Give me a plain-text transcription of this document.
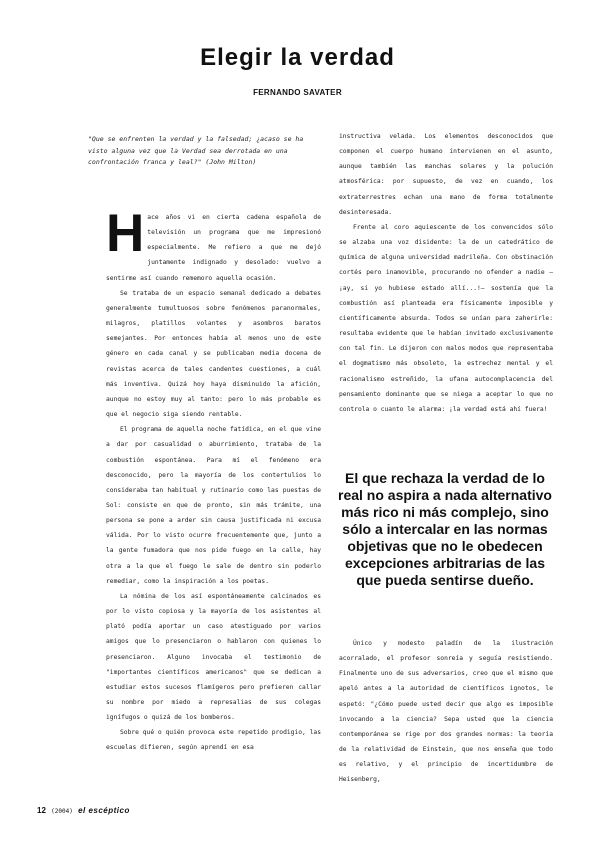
Elegir la verdad
FERNANDO SAVATER

"Que se enfrenten la verdad y la falsedad; ¿acaso se ha visto alguna vez que la Verdad sea derrotada en una confrontación franca y leal?" (John Milton)

Hace años vi en cierta cadena española de televisión un programa que me impresionó especialmente. Me refiero a que me dejó juntamente indignado y desolado: vuelvo a sentirme así cuando rememoro aquella ocasión.

Se trataba de un espacio semanal dedicado a debates generalmente tumultuosos sobre fenómenos paranormales, milagros, platillos volantes y asombros baratos semejantes. Por entonces había al menos uno de este género en cada canal y se publicaban media docena de revistas acerca de tales candentes cuestiones, a cuál más inventiva. Quizá hoy haya disminuido la afición, aunque no estoy muy al tanto: pero lo más probable es que el negocio siga siendo rentable.

El programa de aquella noche fatídica, en el que vine a dar por casualidad o aburrimiento, trataba de la combustión espontánea. Para mí el fenómeno era desconocido, pero la mayoría de los contertulios lo consideraba tan habitual y rutinario como las puestas de Sol: consiste en que de pronto, sin más trámite, una persona se pone a arder sin causa justificada ni excusa válida. Por lo visto ocurre frecuentemente que, junto a la gente fumadora que nos pide fuego en la calle, hay otra a la que el fuego le sale de dentro sin poderlo remediar, como la inspiración a los poetas.

La nómina de los así espontáneamente calcinados es por lo visto copiosa y la mayoría de los asistentes al plató podía aportar un caso atestiguado por varios amigos que lo presenciaron o hablaron con quienes lo presenciaron. Alguno invocaba el testimonio de "importantes científicos americanos" que se dedican a estudiar estos sucesos flamígeros pero prefieren callar su nombre por miedo a represalias de sus colegas ignífugos o quizá de los bomberos.

Sobre qué o quién provoca este repetido prodigio, las escuelas difieren, según aprendí en esa

instructiva velada. Los elementos desconocidos que componen el cuerpo humano intervienen en el asunto, aunque también las manchas solares y la polución atmosférica: por supuesto, de vez en cuando, los extraterrestres echan una mano de forma totalmente desinteresada.

Frente al coro aquiescente de los convencidos sólo se alzaba una voz disidente: la de un catedrático de química de alguna universidad madrileña. Con obstinación cortés pero inamovible, procurando no ofender a nadie —¡ay, si yo hubiese estado allí...!— sostenía que la combustión así planteada era físicamente imposible y científicamente absurda. Todos se unían para zaherirle: resultaba evidente que le habían invitado exclusivamente con tal fin. Le dijeron con malos modos que representaba el dogmatismo más obsoleto, la estrechez mental y el racionalismo estreñido, la ufana autocomplacencia del pensamiento dominante que se niega a aceptar lo que no controla o cuanto le alarma: ¡la verdad está ahí fuera!

El que rechaza la verdad de lo real no aspira a nada alternativo más rico ni más complejo, sino sólo a intercalar en las normas objetivas que no le obedecen excepciones arbitrarias de las que pueda sentirse dueño.

Único y modesto paladín de la ilustración acorralado, el profesor sonreía y seguía resistiendo. Finalmente uno de sus adversarios, creo que el mismo que apeló antes a la autoridad de científicos ignotos, le espetó: "¿Cómo puede usted decir que algo es imposible invocando a la ciencia? Sepa usted que la ciencia contemporánea se rige por dos grandes normas: la teoría de la relatividad de Einstein, que nos enseña que todo es relativo, y el principio de incertidumbre de Heisenberg,

12 (2004) el escéptico
